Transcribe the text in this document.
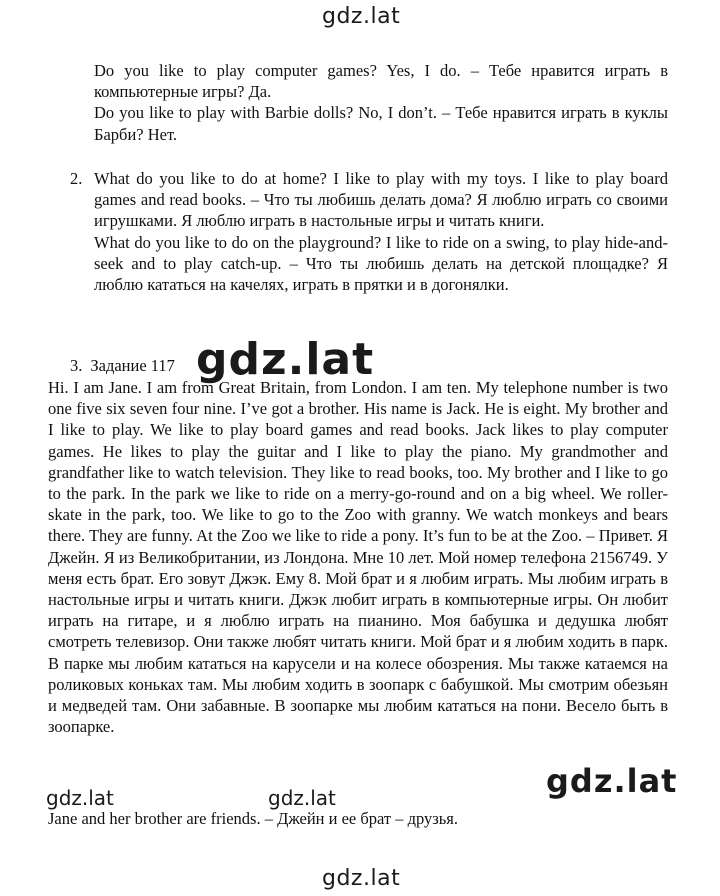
gdz.lat

Do you like to play computer games? Yes, I do. – Тебе нравится играть в компьютерные игры? Да.

Do you like to play with Barbie dolls? No, I don’t. – Тебе нравится играть в куклы Барби? Нет.

2. What do you like to do at home? I like to play with my toys. I like to play board games and read books. – Что ты любишь делать дома? Я люблю играть со своими игрушками. Я люблю играть в настольные игры и читать книги.

What do you like to do on the playground? I like to ride on a swing, to play hide-and-seek and to play catch-up. – Что ты любишь делать на детской площадке? Я люблю кататься на качелях, играть в прятки и в догонялки.

3. Задание 117 gdz.lat

Hi. I am Jane. I am from Great Britain, from London. I am ten. My telephone number is two one five six seven four nine. I’ve got a brother. His name is Jack. He is eight. My brother and I like to play. We like to play board games and read books. Jack likes to play computer games. He likes to play the guitar and I like to play the piano. My grandmother and grandfather like to watch television. They like to read books, too. My brother and I like to go to the park. In the park we like to ride on a merry-go-round and on a big wheel. We roller-skate in the park, too. We like to go to the Zoo with granny. We watch monkeys and bears there. They are funny. At the Zoo we like to ride a pony. It’s fun to be at the Zoo. – Привет. Я Джейн. Я из Великобритании, из Лондона. Мне 10 лет. Мой номер телефона 2156749. У меня есть брат. Его зовут Джэк. Ему 8. Мой брат и я любим играть. Мы любим играть в настольные игры и читать книги. Джэк любит играть в компьютерные игры. Он любит играть на гитаре, и я люблю играть на пианино. Моя бабушка и дедушка любят смотреть телевизор. Они также любят читать книги. Мой брат и я любим ходить в парк. В парке мы любим кататься на карусели и на колесе обозрения. Мы также катаемся на роликовых коньках там. Мы любим ходить в зоопарк с бабушкой. Мы смотрим обезьян и медведей там. Они забавные. В зоопарке мы любим кататься на пони. Весело быть в зоопарке.

gdz.lat
gdz.lat	gdz.lat

Jane and her brother are friends. – Джейн и ее брат – друзья.

gdz.lat
